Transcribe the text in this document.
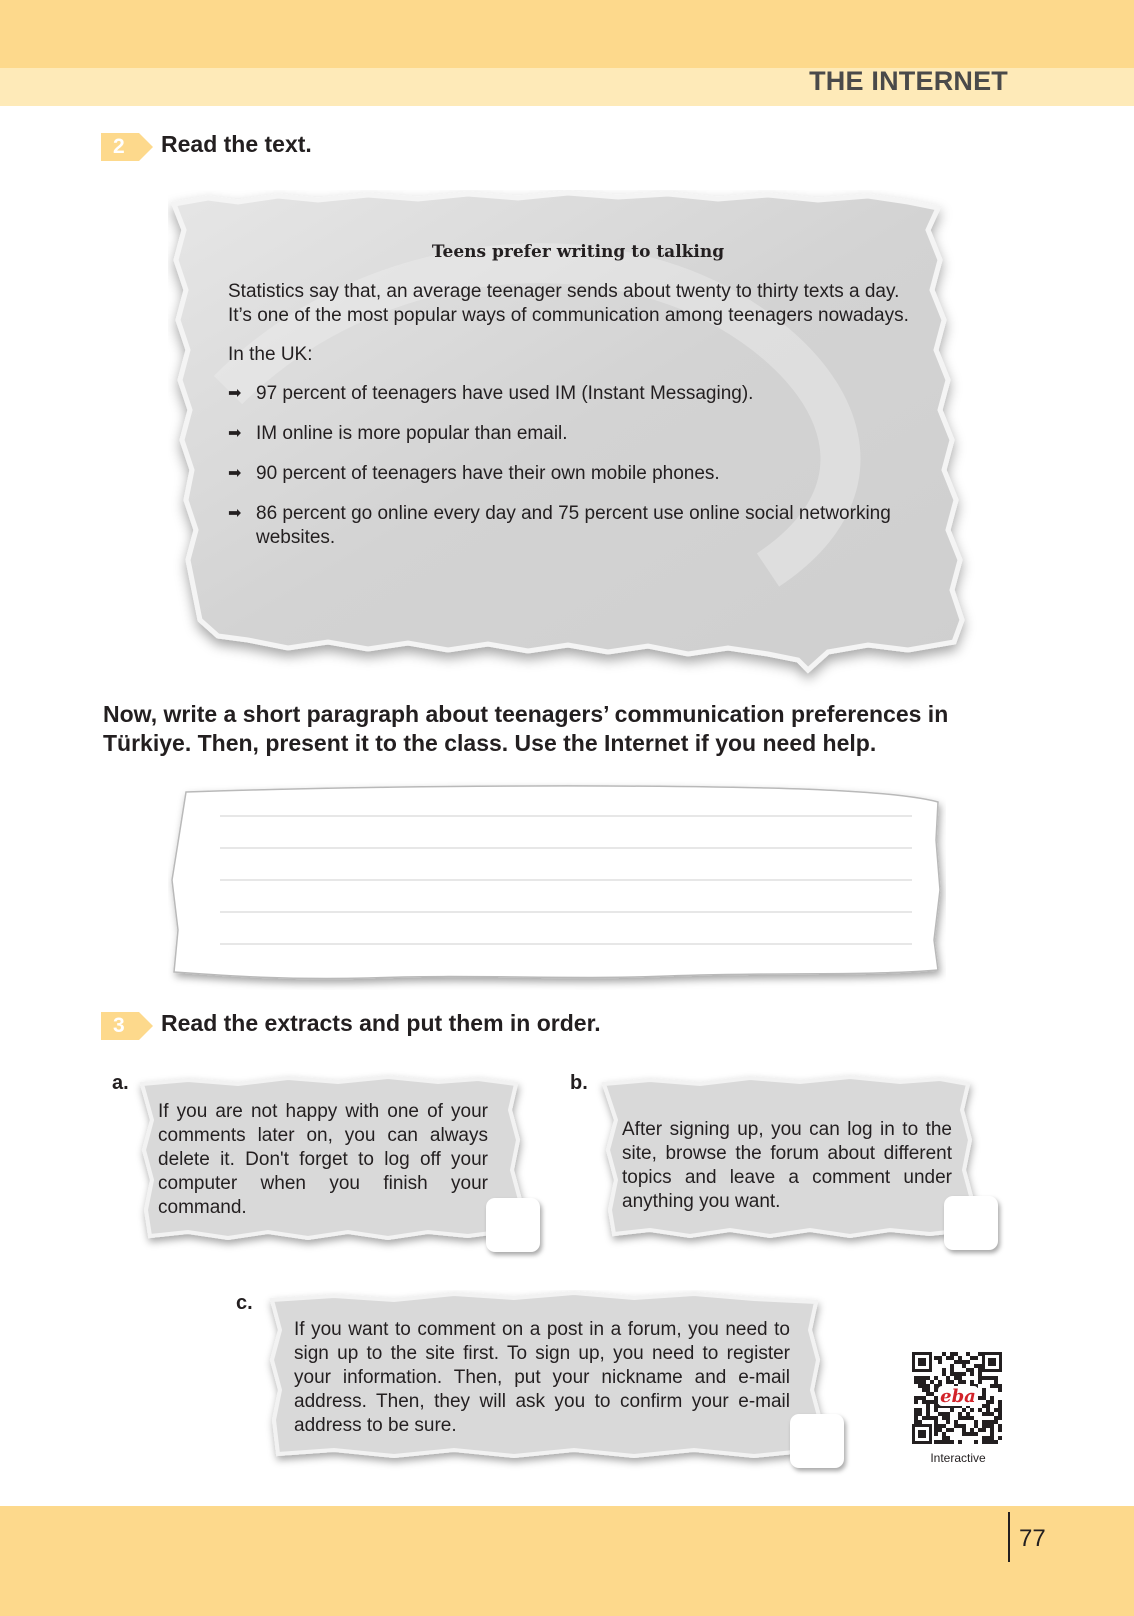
THE INTERNET
2	Read the text.
Teens prefer writing to talking

Statistics say that, an average teenager sends about twenty to thirty texts a day. It’s one of the most popular ways of communication among teenagers nowadays.

In the UK:

➡ 97 percent of teenagers have used IM (Instant Messaging).
➡ IM online is more popular than email.
➡ 90 percent of teenagers have their own mobile phones.
➡ 86 percent go online every day and 75 percent use online social networking websites.
Now, write a short paragraph about teenagers’ communication preferences in Türkiye. Then, present it to the class. Use the Internet if you need help.
3	Read the extracts and put them in order.
a.
If you are not happy with one of your comments later on, you can always delete it. Don't forget to log off your computer when you finish your command.
b.
After signing up, you can log in to the site, browse the forum about different topics and leave a comment under anything you want.
c.
If you want to comment on a post in a forum, you need to sign up to the site first. To sign up, you need to register your information. Then, put your nickname and e-mail address. Then, they will ask you to confirm your e-mail address to be sure.
eba
Interactive
77
